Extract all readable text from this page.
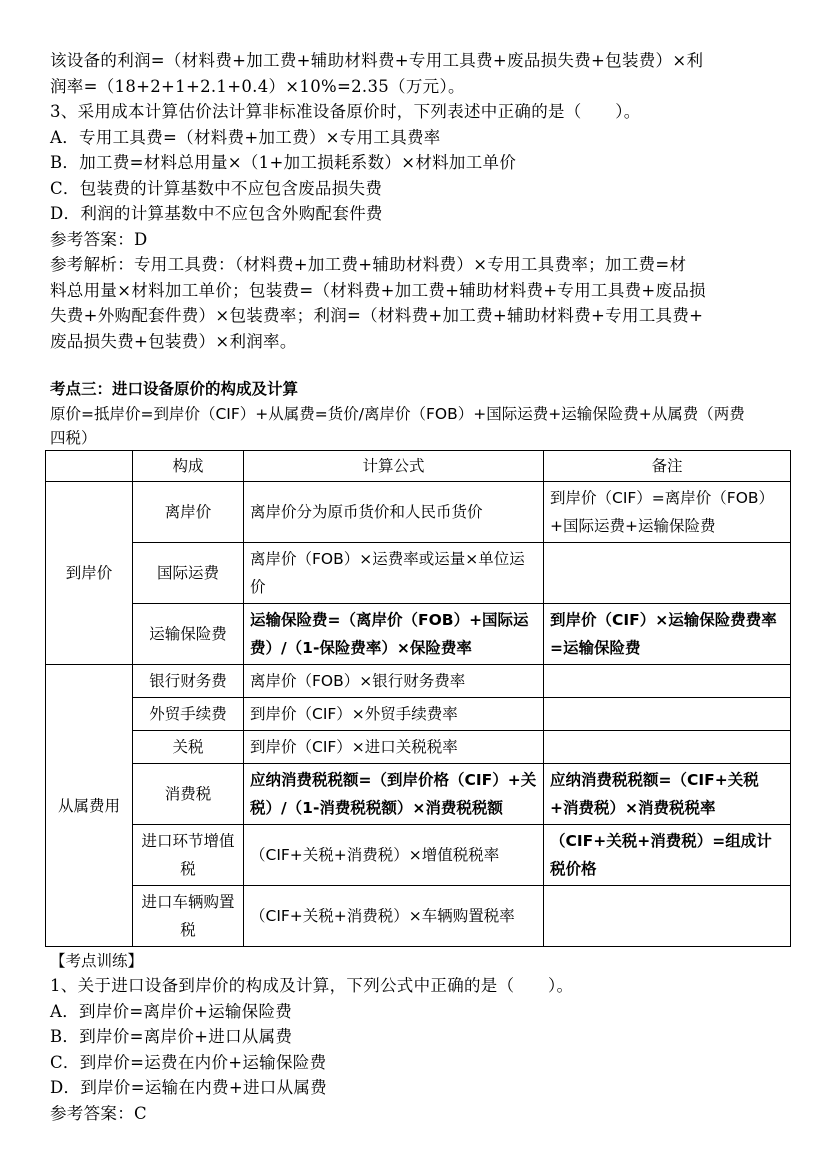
该设备的利润=（材料费+加工费+辅助材料费+专用工具费+废品损失费+包装费）×利

润率=（18+2+1+2.1+0.4）×10%=2.35（万元）。

3、采用成本计算估价法计算非标准设备原价时，下列表述中正确的是（　　）。

A．专用工具费=（材料费+加工费）×专用工具费率

B．加工费=材料总用量×（1+加工损耗系数）×材料加工单价

C．包装费的计算基数中不应包含废品损失费

D．利润的计算基数中不应包含外购配套件费

参考答案：D

参考解析：专用工具费：（材料费+加工费+辅助材料费）×专用工具费率；加工费=材

料总用量×材料加工单价；包装费=（材料费+加工费+辅助材料费+专用工具费+废品损

失费+外购配套件费）×包装费率；利润=（材料费+加工费+辅助材料费+专用工具费+

废品损失费+包装费）×利润率。

考点三：进口设备原价的构成及计算

原价=抵岸价=到岸价（CIF）+从属费=货价/离岸价（FOB）+国际运费+运输保险费+从属费（两费

四税）

	构成	计算公式	备注
到岸价	离岸价	离岸价分为原币货价和人民币货价	到岸价（CIF）=离岸价（FOB）+国际运费+运输保险费
	国际运费	离岸价（FOB）×运费率或运量×单位运价	
	运输保险费	运输保险费=（离岸价（FOB）+国际运费）/（1-保险费率）×保险费率	到岸价（CIF）×运输保险费费率=运输保险费
从属费用	银行财务费	离岸价（FOB）×银行财务费率	
	外贸手续费	到岸价（CIF）×外贸手续费率	
	关税	到岸价（CIF）×进口关税税率	
	消费税	应纳消费税税额=（到岸价格（CIF）+关税）/（1-消费税税额）×消费税税额	应纳消费税税额=（CIF+关税+消费税）×消费税税率
	进口环节增值税	（CIF+关税+消费税）×增值税税率	（CIF+关税+消费税）=组成计税价格
	进口车辆购置税	（CIF+关税+消费税）×车辆购置税率	

【考点训练】

1、关于进口设备到岸价的构成及计算，下列公式中正确的是（　　）。

A．到岸价=离岸价+运输保险费

B．到岸价=离岸价+进口从属费

C．到岸价=运费在内价+运输保险费

D．到岸价=运输在内费+进口从属费

参考答案：C
